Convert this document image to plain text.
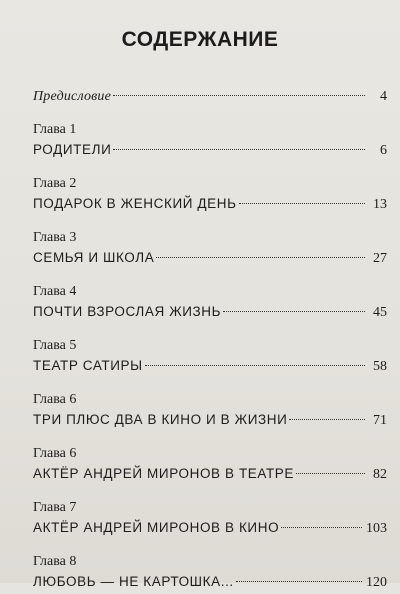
СОДЕРЖАНИЕ
Предисловие	4
Глава 1
РОДИТЕЛИ	6
Глава 2
ПОДАРОК В ЖЕНСКИЙ ДЕНЬ	13
Глава 3
СЕМЬЯ И ШКОЛА	27
Глава 4
ПОЧТИ ВЗРОСЛАЯ ЖИЗНЬ	45
Глава 5
ТЕАТР САТИРЫ	58
Глава 6
ТРИ ПЛЮС ДВА В КИНО И В ЖИЗНИ	71
Глава 6
АКТЁР АНДРЕЙ МИРОНОВ В ТЕАТРЕ	82
Глава 7
АКТЁР АНДРЕЙ МИРОНОВ В КИНО	103
Глава 8
ЛЮБОВЬ — НЕ КАРТОШКА...	120
